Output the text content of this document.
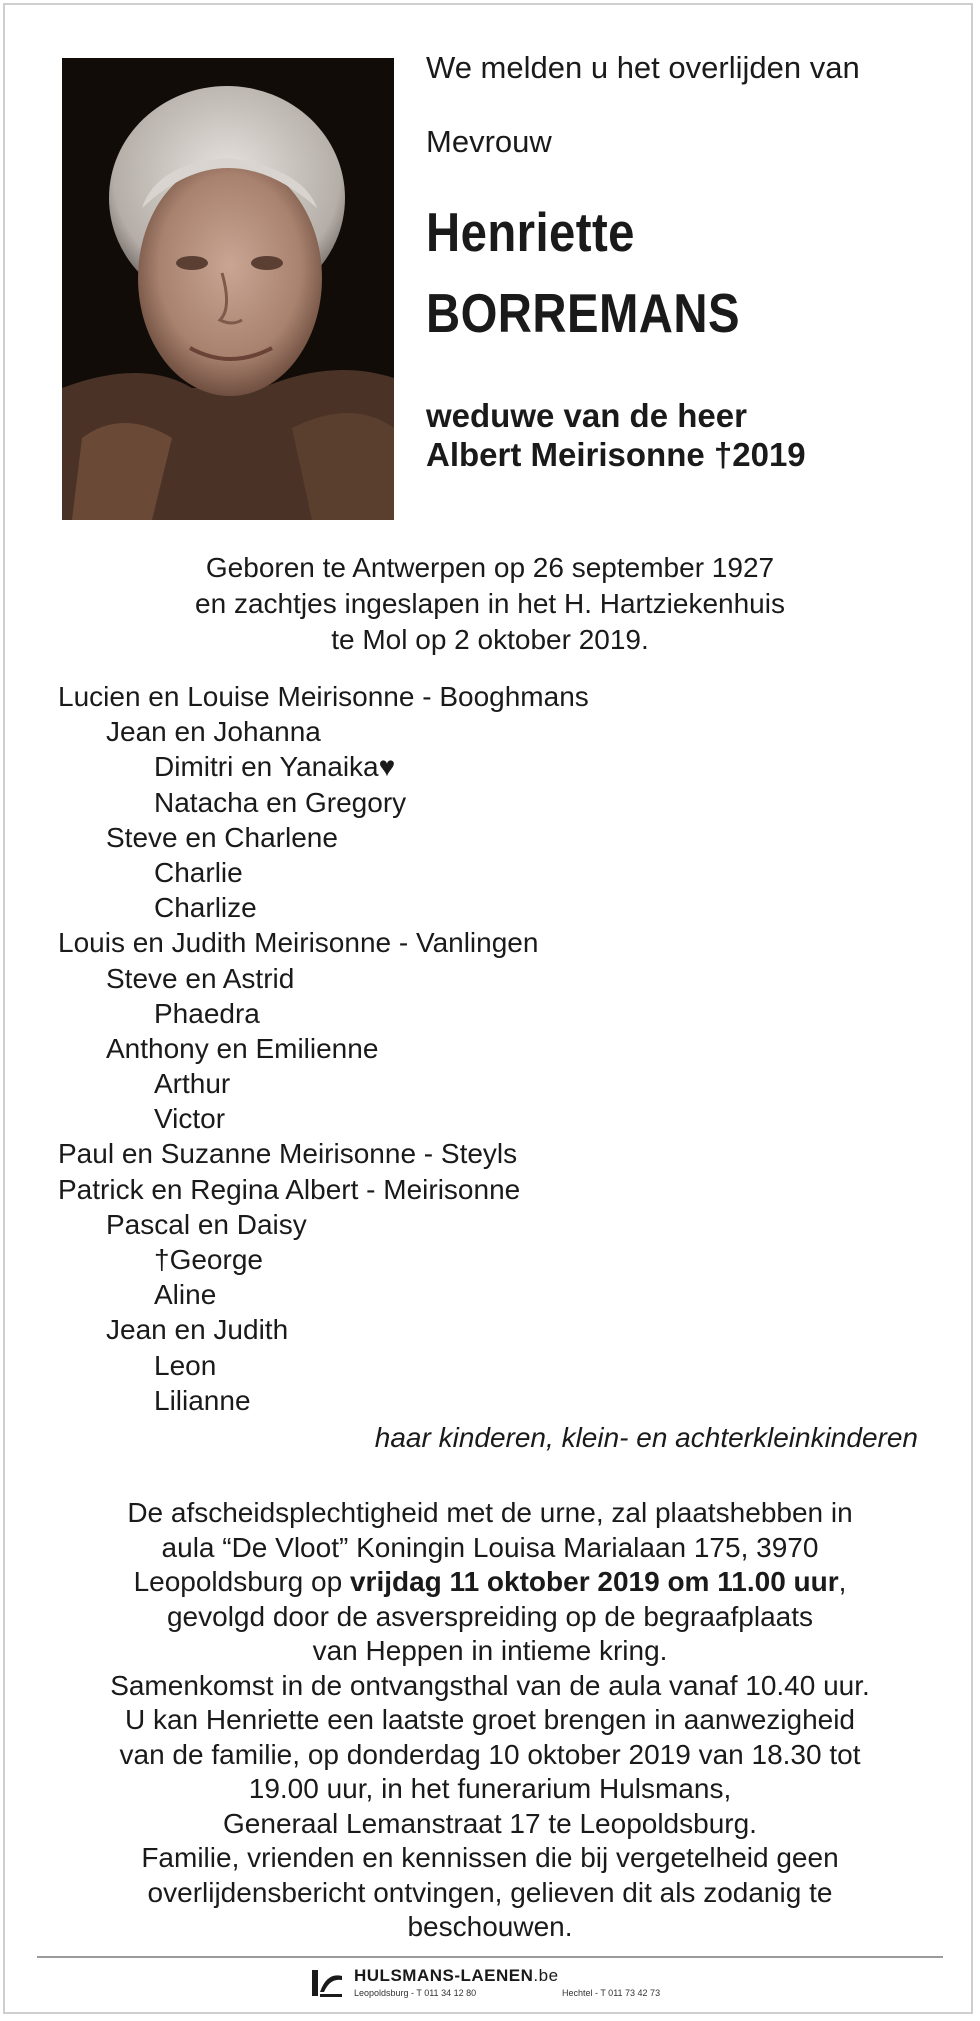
We melden u het overlijden van
Mevrouw
Henriette
BORREMANS
weduwe van de heer
Albert Meirisonne †2019
Geboren te Antwerpen op 26 september 1927
en zachtjes ingeslapen in het H. Hartziekenhuis
te Mol op 2 oktober 2019.
Lucien en Louise Meirisonne - Booghmans
Jean en Johanna
Dimitri en Yanaika♥
Natacha en Gregory
Steve en Charlene
Charlie
Charlize
Louis en Judith Meirisonne - Vanlingen
Steve en Astrid
Phaedra
Anthony en Emilienne
Arthur
Victor
Paul en Suzanne Meirisonne - Steyls
Patrick en Regina Albert - Meirisonne
Pascal en Daisy
†George
Aline
Jean en Judith
Leon
Lilianne
haar kinderen, klein- en achterkleinkinderen
De afscheidsplechtigheid met de urne, zal plaatshebben in
aula “De Vloot” Koningin Louisa Marialaan 175, 3970
Leopoldsburg op vrijdag 11 oktober 2019 om 11.00 uur,
gevolgd door de asverspreiding op de begraafplaats
van Heppen in intieme kring.
Samenkomst in de ontvangsthal van de aula vanaf 10.40 uur.
U kan Henriette een laatste groet brengen in aanwezigheid
van de familie, op donderdag 10 oktober 2019 van 18.30 tot
19.00 uur, in het funerarium Hulsmans,
Generaal Lemanstraat 17 te Leopoldsburg.
Familie, vrienden en kennissen die bij vergetelheid geen
overlijdensbericht ontvingen, gelieven dit als zodanig te
beschouwen.
HULSMANS-LAENEN.be
Leopoldsburg - T 011 34 12 80	Hechtel - T 011 73 42 73
